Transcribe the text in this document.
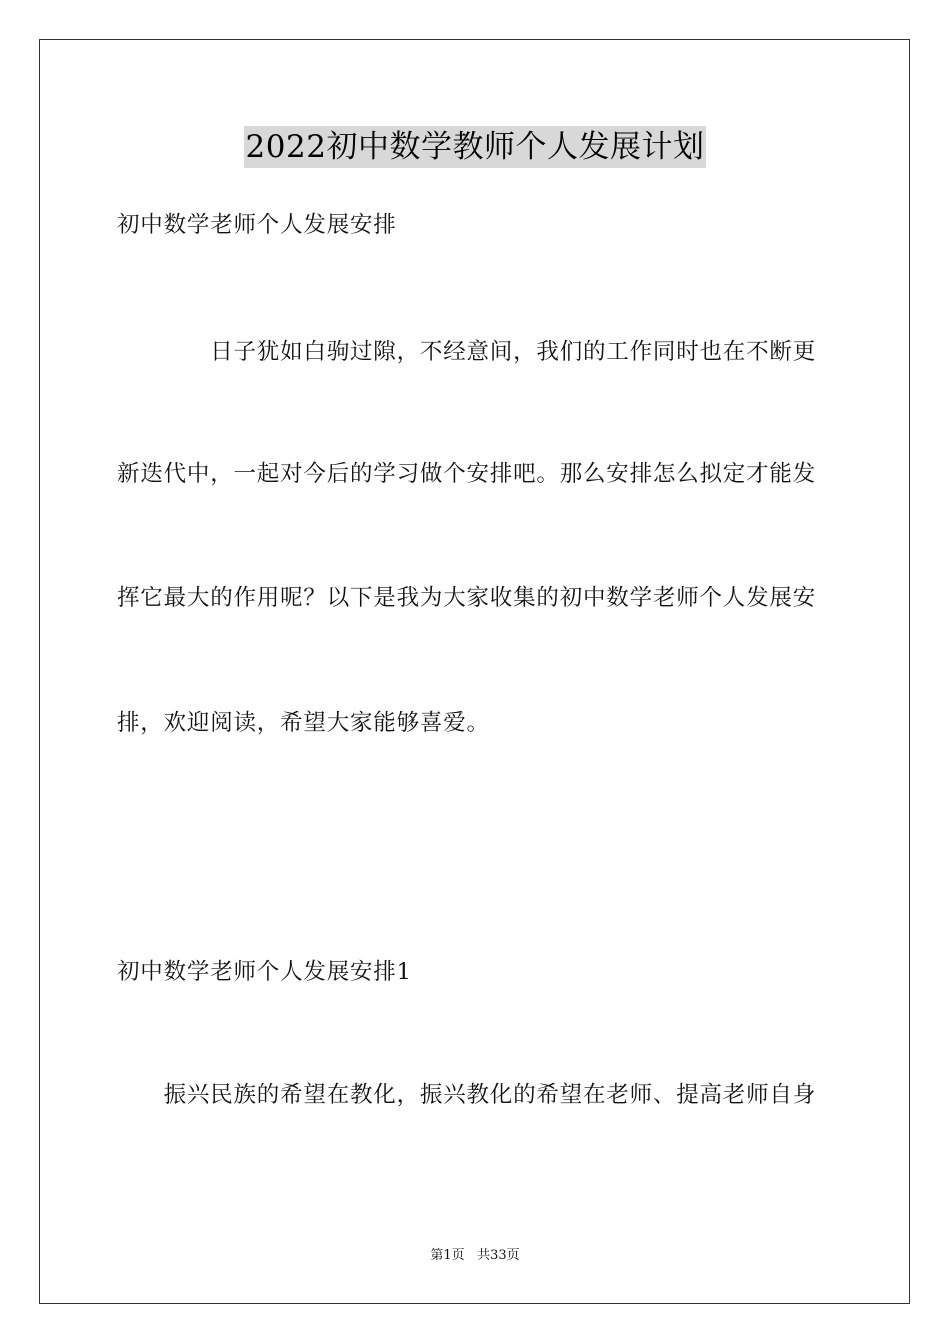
2022初中数学教师个人发展计划
初中数学老师个人发展安排
　　　　日子犹如白驹过隙，不经意间，我们的工作同时也在不断更
新迭代中，一起对今后的学习做个安排吧。那么安排怎么拟定才能发
挥它最大的作用呢？以下是我为大家收集的初中数学老师个人发展安
排，欢迎阅读，希望大家能够喜爱。
初中数学老师个人发展安排1
　　振兴民族的希望在教化，振兴教化的希望在老师、提高老师自身
第1页 共33页
